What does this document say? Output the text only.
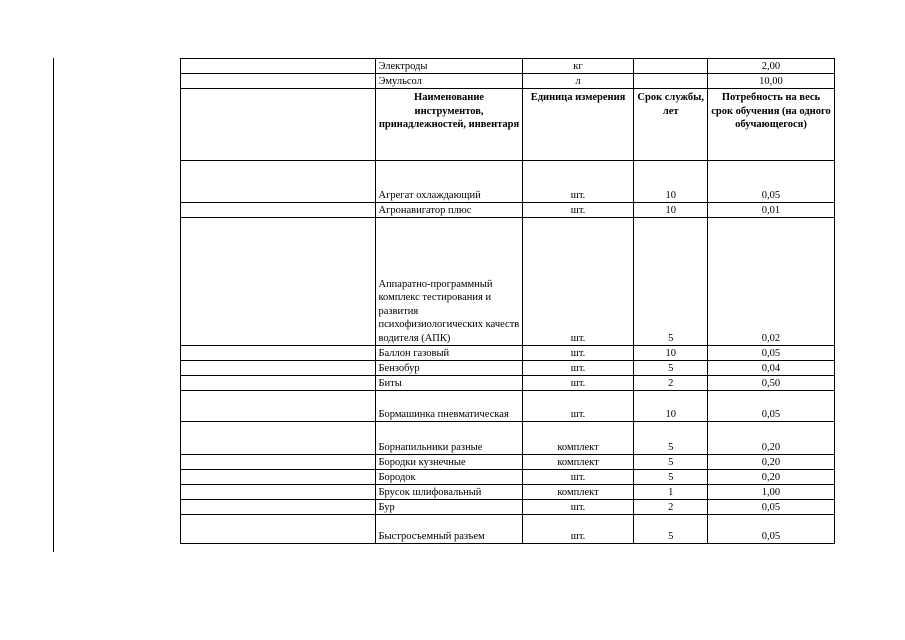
	Электроды	кг		2,00
	Эмульсол	л		10,00
	Наименование инструментов, принадлежностей, инвентаря	Единица измерения	Срок службы, лет	Потребность на весь срок обучения (на одного обучающегося)
	Агрегат охлаждающий	шт.	10	0,05
	Агронавигатор плюс	шт.	10	0,01
	Аппаратно-программный комплекс тестирования и развития психофизиологических качеств водителя (АПК)	шт.	5	0,02
	Баллон газовый	шт.	10	0,05
	Бензобур	шт.	5	0,04
	Биты	шт.	2	0,50
	Бормашинка пневматическая	шт.	10	0,05
	Борнапильники разные	комплект	5	0,20
	Бородки кузнечные	комплект	5	0,20
	Бородок	шт.	5	0,20
	Брусок шлифовальный	комплект	1	1,00
	Бур	шт.	2	0,05
	Быстросъемный разъем	шт.	5	0,05
